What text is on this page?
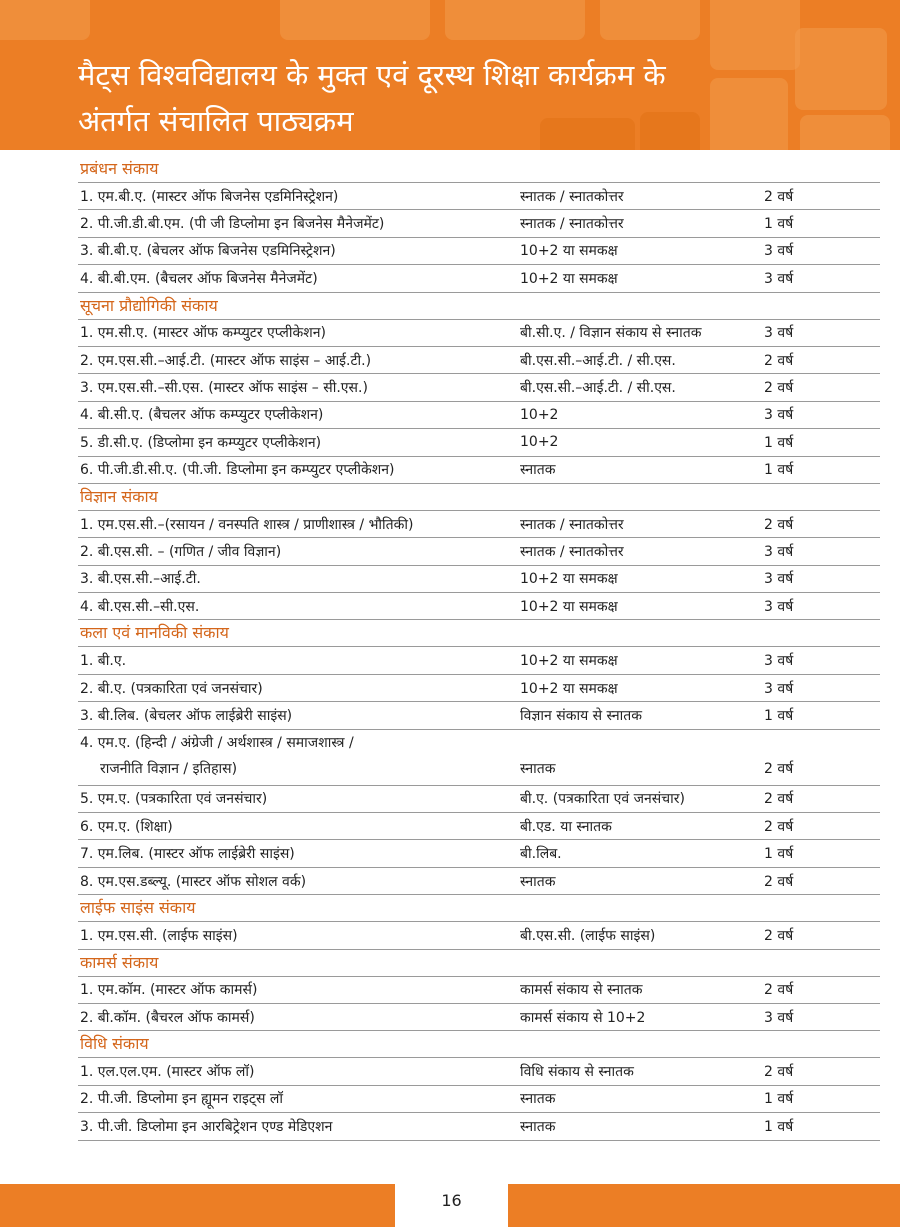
मैट्स विश्वविद्यालय के मुक्त एवं दूरस्थ शिक्षा कार्यक्रम के
अंतर्गत संचालित पाठ्यक्रम
प्रबंधन संकाय
1. एम.बी.ए. (मास्टर ऑफ बिजनेस एडमिनिस्ट्रेशन)	स्नातक / स्नातकोत्तर	2 वर्ष
2. पी.जी.डी.बी.एम. (पी जी डिप्लोमा इन बिजनेस मैनेजमेंट)	स्नातक / स्नातकोत्तर	1 वर्ष
3. बी.बी.ए. (बेचलर ऑफ बिजनेस एडमिनिस्ट्रेशन)	10+2 या समकक्ष	3 वर्ष
4. बी.बी.एम. (बैचलर ऑफ बिजनेस मैनेजमेंट)	10+2 या समकक्ष	3 वर्ष
सूचना प्रौद्योगिकी संकाय
1. एम.सी.ए. (मास्टर ऑफ कम्प्युटर एप्लीकेशन)	बी.सी.ए. / विज्ञान संकाय से स्नातक	3 वर्ष
2. एम.एस.सी.–आई.टी. (मास्टर ऑफ साइंस – आई.टी.)	बी.एस.सी.–आई.टी. / सी.एस.	2 वर्ष
3. एम.एस.सी.–सी.एस. (मास्टर ऑफ साइंस – सी.एस.)	बी.एस.सी.–आई.टी. / सी.एस.	2 वर्ष
4. बी.सी.ए. (बैचलर ऑफ कम्प्युटर एप्लीकेशन)	10+2	3 वर्ष
5. डी.सी.ए. (डिप्लोमा इन कम्प्युटर एप्लीकेशन)	10+2	1 वर्ष
6. पी.जी.डी.सी.ए. (पी.जी. डिप्लोमा इन कम्प्युटर एप्लीकेशन)	स्नातक	1 वर्ष
विज्ञान संकाय
1. एम.एस.सी.–(रसायन / वनस्पति शास्त्र / प्राणीशास्त्र / भौतिकी)	स्नातक / स्नातकोत्तर	2 वर्ष
2. बी.एस.सी. – (गणित / जीव विज्ञान)	स्नातक / स्नातकोत्तर	3 वर्ष
3. बी.एस.सी.–आई.टी.	10+2 या समकक्ष	3 वर्ष
4. बी.एस.सी.–सी.एस.	10+2 या समकक्ष	3 वर्ष
कला एवं मानविकी संकाय
1. बी.ए.	10+2 या समकक्ष	3 वर्ष
2. बी.ए. (पत्रकारिता एवं जनसंचार)	10+2 या समकक्ष	3 वर्ष
3. बी.लिब. (बेचलर ऑफ लाईब्रेरी साइंस)	विज्ञान संकाय से स्नातक	1 वर्ष
4. एम.ए. (हिन्दी / अंग्रेजी / अर्थशास्त्र / समाजशास्त्र /
राजनीति विज्ञान / इतिहास)	स्नातक	2 वर्ष
5. एम.ए. (पत्रकारिता एवं जनसंचार)	बी.ए. (पत्रकारिता एवं जनसंचार)	2 वर्ष
6. एम.ए. (शिक्षा)	बी.एड. या स्नातक	2 वर्ष
7. एम.लिब. (मास्टर ऑफ लाईब्रेरी साइंस)	बी.लिब.	1 वर्ष
8. एम.एस.डब्ल्यू. (मास्टर ऑफ सोशल वर्क)	स्नातक	2 वर्ष
लाईफ साइंस संकाय
1. एम.एस.सी. (लाईफ साइंस)	बी.एस.सी. (लाईफ साइंस)	2 वर्ष
कामर्स संकाय
1. एम.कॉम. (मास्टर ऑफ कामर्स)	कामर्स संकाय से स्नातक	2 वर्ष
2. बी.कॉम. (बैचरल ऑफ कामर्स)	कामर्स संकाय से 10+2	3 वर्ष
विधि संकाय
1. एल.एल.एम. (मास्टर ऑफ लॉ)	विधि संकाय से स्नातक	2 वर्ष
2. पी.जी. डिप्लोमा इन ह्यूमन राइट्स लॉ	स्नातक	1 वर्ष
3. पी.जी. डिप्लोमा इन आरबिट्रेशन एण्ड मेडिएशन	स्नातक	1 वर्ष
16
